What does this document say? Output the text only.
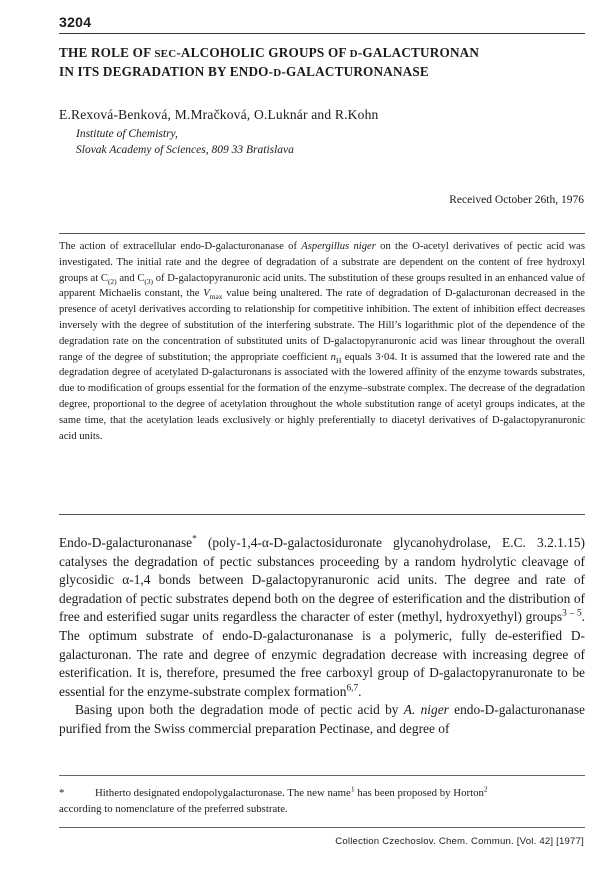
3204
THE ROLE OF SEC-ALCOHOLIC GROUPS OF D-GALACTURONAN
IN ITS DEGRADATION BY ENDO-D-GALACTURONANASE
E.Rexová-Benková, M.Mračková, O.Luknár and R.Kohn
Institute of Chemistry,
Slovak Academy of Sciences, 809 33 Bratislava
Received October 26th, 1976
The action of extracellular endo-D-galacturonanase of Aspergillus niger on the O-acetyl derivatives of pectic acid was investigated. The initial rate and the degree of degradation of a substrate are dependent on the content of free hydroxyl groups at $C_{(2)}$ and $C_{(3)}$ of D-galactopyranuronic acid units. The substitution of these groups resulted in an enhanced value of apparent Michaelis constant, the $V_{max}$ value being unaltered. The rate of degradation of D-galacturonan decreased in the presence of acetyl derivatives according to relationship for competitive inhibition. The extent of inhibition effect decreases inversely with the degree of substitution of the interfering substrate. The Hill’s logarithmic plot of the dependence of the degradation rate on the concentration of substituted units of D-galactopyranuronic acid was linear throughout the overall range of the degree of substitution; the appropriate coefficient $n_H$ equals 3·04. It is assumed that the lowered rate and the degradation degree of acetylated D-galacturonans is associated with the lowered affinity of the enzyme towards substrates, due to modification of groups essential for the formation of the enzyme–substrate complex. The decrease of the degradation degree, proportional to the degree of acetylation throughout the whole substitution range of acetyl groups indicates, at the same time, that the acetylation leads exclusively or highly preferentially to diacetyl derivatives of D-galactopyranuronic acid units.

Endo-D-galacturonanase* (poly-1,4-α-D-galactosiduronate glycanohydrolase, E.C. 3.2.1.15) catalyses the degradation of pectic substances proceeding by a random hydrolytic cleavage of glycosidic α-1,4 bonds between D-galactopyranuronic acid units. The degree and rate of degradation of pectic substrates depend both on the degree of esterification and the distribution of free and esterified sugar units regardless the character of ester (methyl, hydroxyethyl) groups$^{3 - 5}$. The optimum substrate of endo-D-galacturonanase is a polymeric, fully de-esterified D-galacturonan. The rate and degree of enzymic degradation decrease with increasing degree of esterification. It is, therefore, presumed the free carboxyl group of D-galactopyranuronate to be essential for the enzyme-substrate complex formation$^{6,7}$.

Basing upon both the degradation mode of pectic acid by A. niger endo-D-galacturonanase purified from the Swiss commercial preparation Pectinase, and degree of

*	Hitherto designated endopolygalacturonase. The new name$^1$ has been proposed by Horton$^2$
according to nomenclature of the preferred substrate.
Collection Czechoslov. Chem. Commun. [Vol. 42] [1977]
